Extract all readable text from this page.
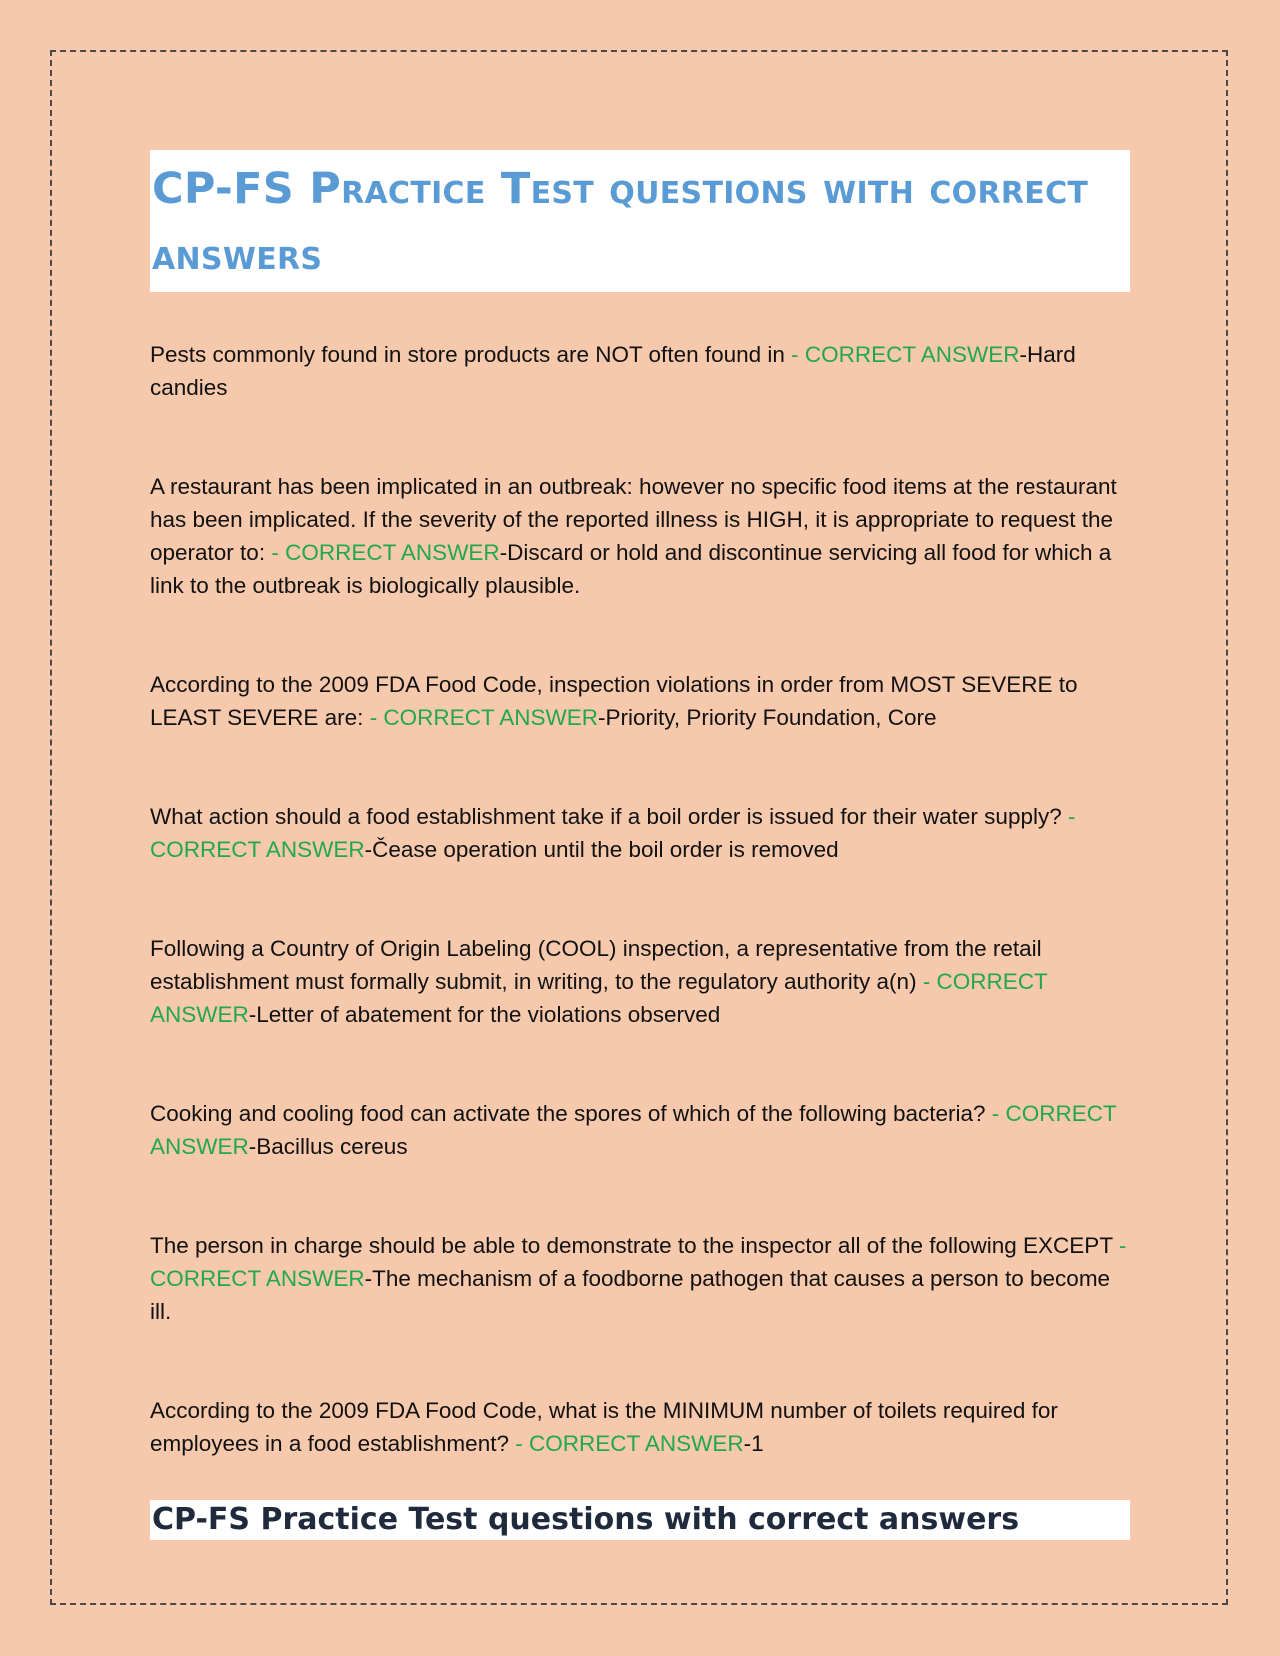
CP-FS Practice Test questions with correct answers

Pests commonly found in store products are NOT often found in - CORRECT ANSWER-Hard candies

A restaurant has been implicated in an outbreak: however no specific food items at the restaurant has been implicated. If the severity of the reported illness is HIGH, it is appropriate to request the operator to: - CORRECT ANSWER-Discard or hold and discontinue servicing all food for which a link to the outbreak is biologically plausible.

According to the 2009 FDA Food Code, inspection violations in order from MOST SEVERE to LEAST SEVERE are: - CORRECT ANSWER-Priority, Priority Foundation, Core

What action should a food establishment take if a boil order is issued for their water supply? - CORRECT ANSWER-Čease operation until the boil order is removed

Following a Country of Origin Labeling (COOL) inspection, a representative from the retail establishment must formally submit, in writing, to the regulatory authority a(n) - CORRECT ANSWER-Letter of abatement for the violations observed

Cooking and cooling food can activate the spores of which of the following bacteria? - CORRECT ANSWER-Bacillus cereus

The person in charge should be able to demonstrate to the inspector all of the following EXCEPT - CORRECT ANSWER-The mechanism of a foodborne pathogen that causes a person to become ill.

According to the 2009 FDA Food Code, what is the MINIMUM number of toilets required for employees in a food establishment? - CORRECT ANSWER-1

CP-FS Practice Test questions with correct answers
